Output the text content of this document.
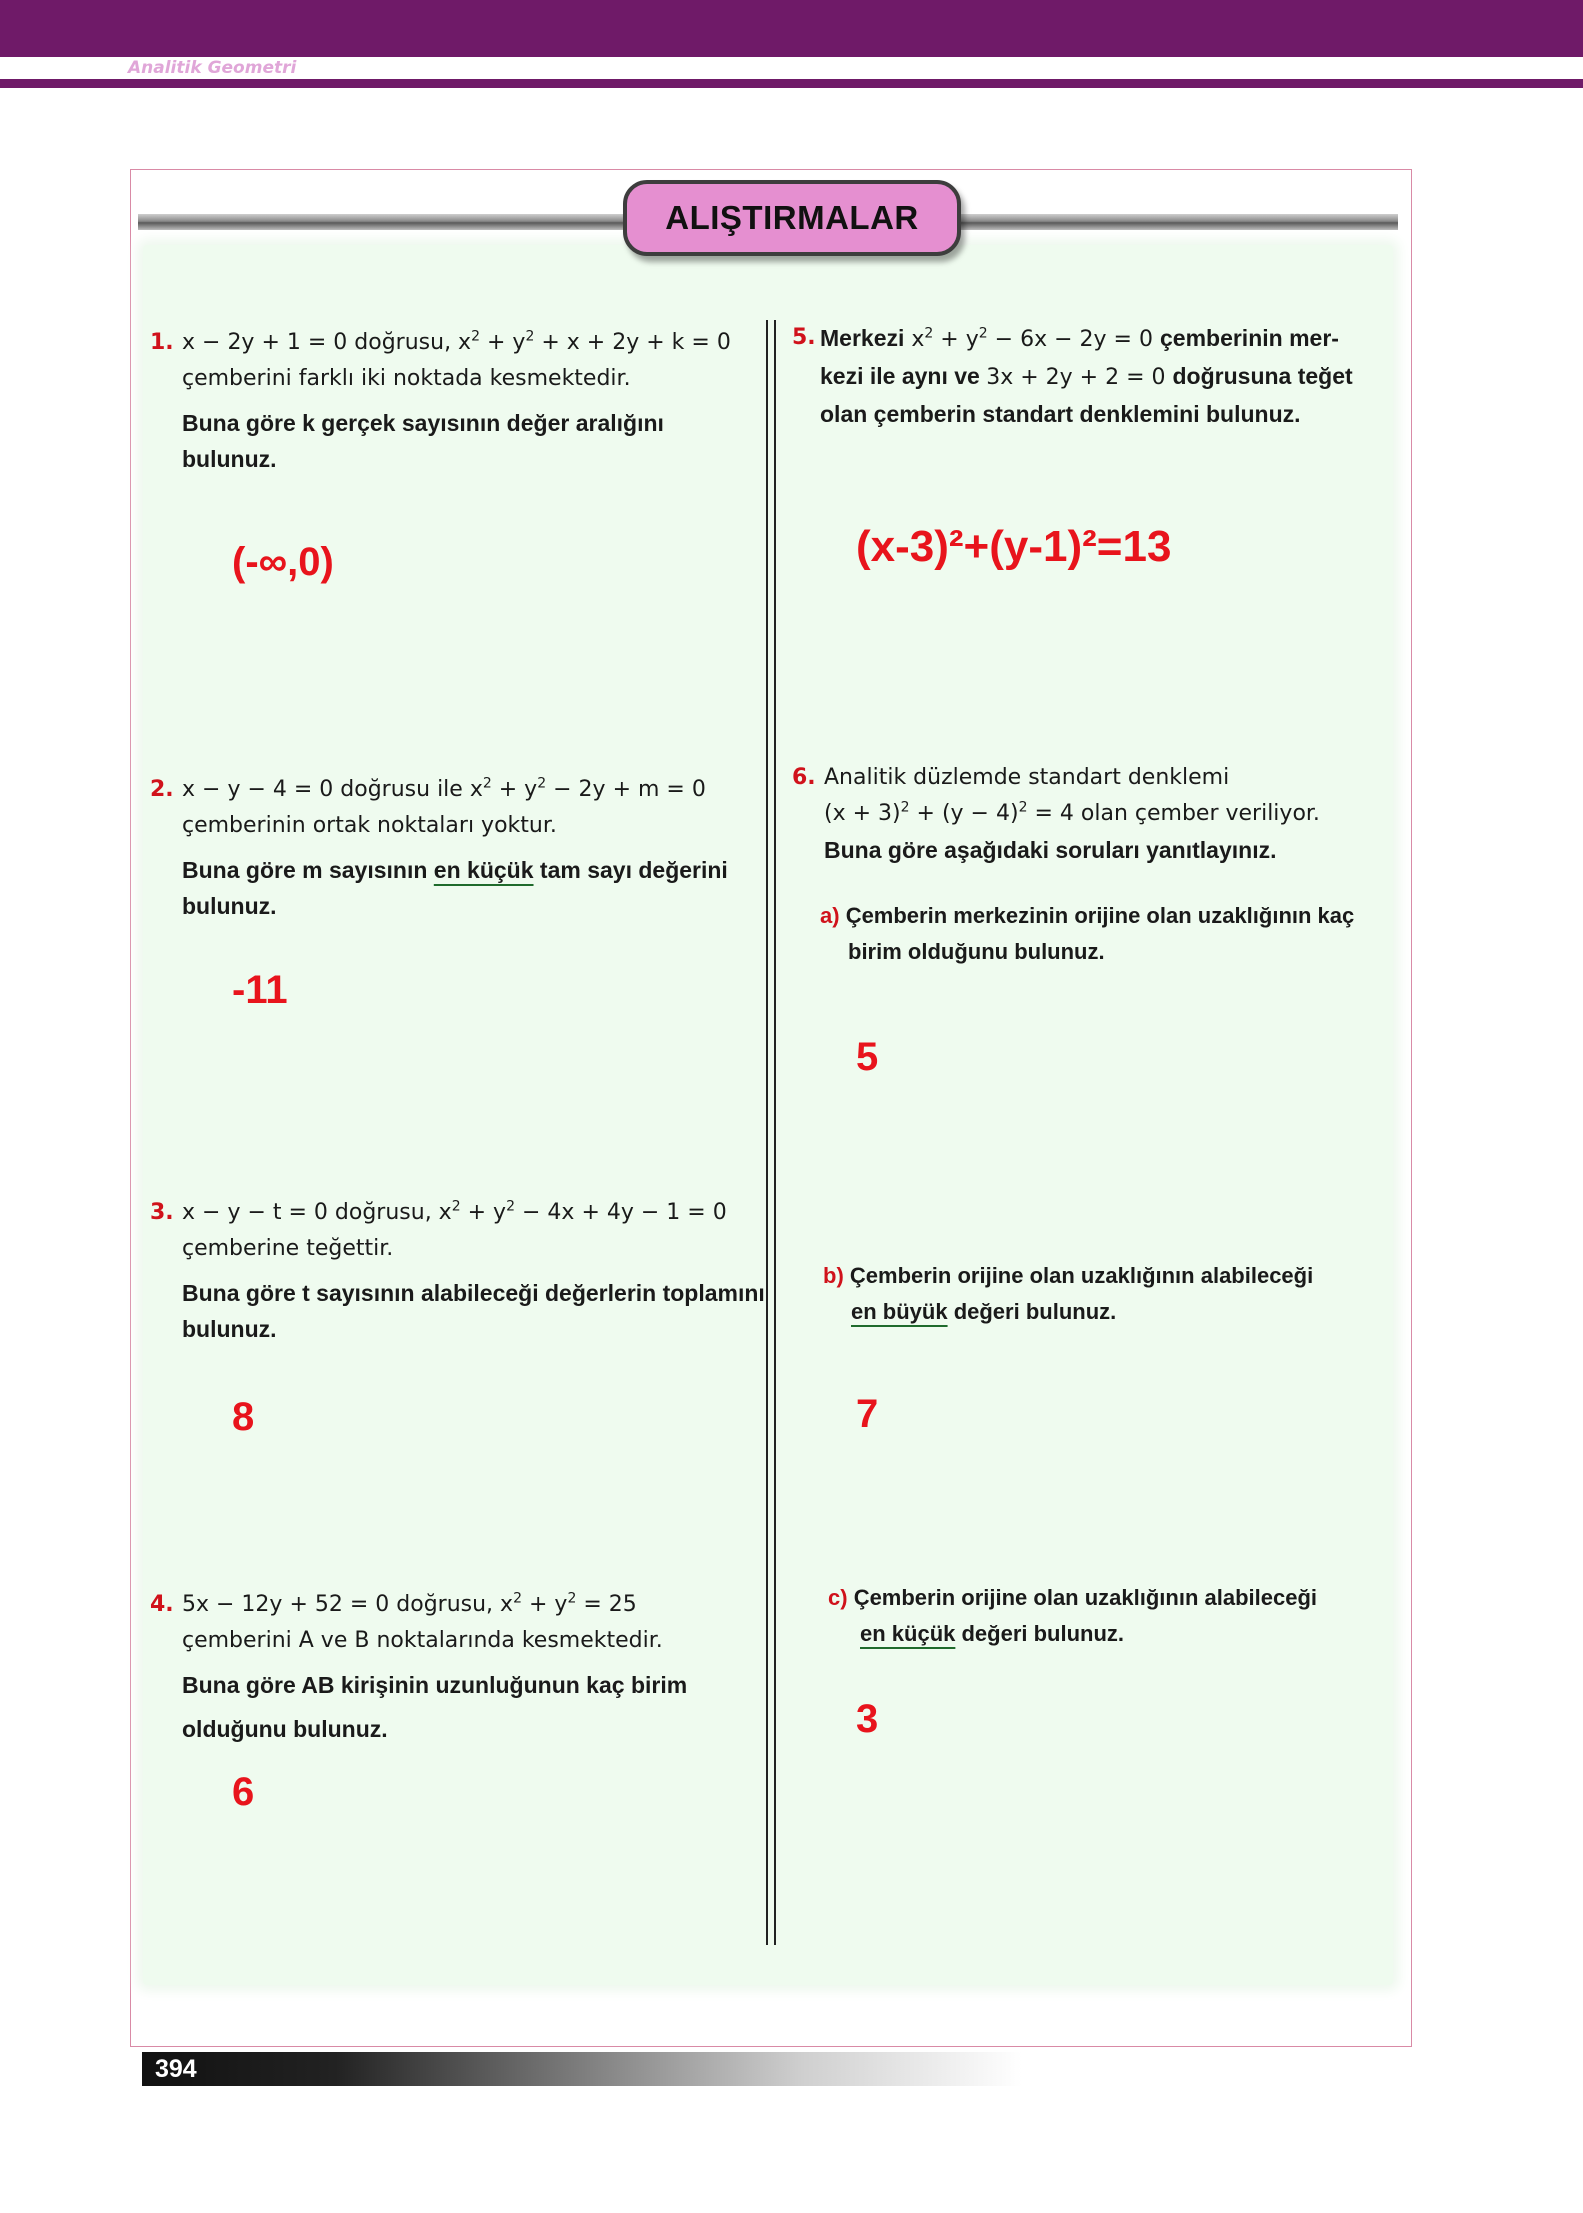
Analitik Geometri
ALIŞTIRMALAR
1. x − 2y + 1 = 0 doğrusu, $x^2 + y^2 + x + 2y + k = 0$
çemberini farklı iki noktada kesmektedir.
Buna göre k gerçek sayısının değer aralığını
bulunuz.
(-∞,0)
2. x − y − 4 = 0 doğrusu ile $x^2 + y^2 - 2y + m = 0$
çemberinin ortak noktaları yoktur.
Buna göre m sayısının en küçük tam sayı değerini
bulunuz.
-11
3. x − y − t = 0 doğrusu, $x^2 + y^2 - 4x + 4y - 1 = 0$
çemberine teğettir.
Buna göre t sayısının alabileceği değerlerin toplamını
bulunuz.
8
4. 5x − 12y + 52 = 0 doğrusu, $x^2 + y^2 = 25$
çemberini A ve B noktalarında kesmektedir.
Buna göre AB kirişinin uzunluğunun kaç birim
olduğunu bulunuz.
6
5. Merkezi $x^2 + y^2 - 6x - 2y = 0$ çemberinin mer-
kezi ile aynı ve 3x + 2y + 2 = 0 doğrusuna teğet
olan çemberin standart denklemini bulunuz.
(x-3)²+(y-1)²=13
6. Analitik düzlemde standart denklemi
$(x + 3)^2 + (y - 4)^2 = 4$ olan çember veriliyor.
Buna göre aşağıdaki soruları yanıtlayınız.
a) Çemberin merkezinin orijine olan uzaklığının kaç
birim olduğunu bulunuz.
5
b) Çemberin orijine olan uzaklığının alabileceği
en büyük değeri bulunuz.
7
c) Çemberin orijine olan uzaklığının alabileceği
en küçük değeri bulunuz.
3
394
